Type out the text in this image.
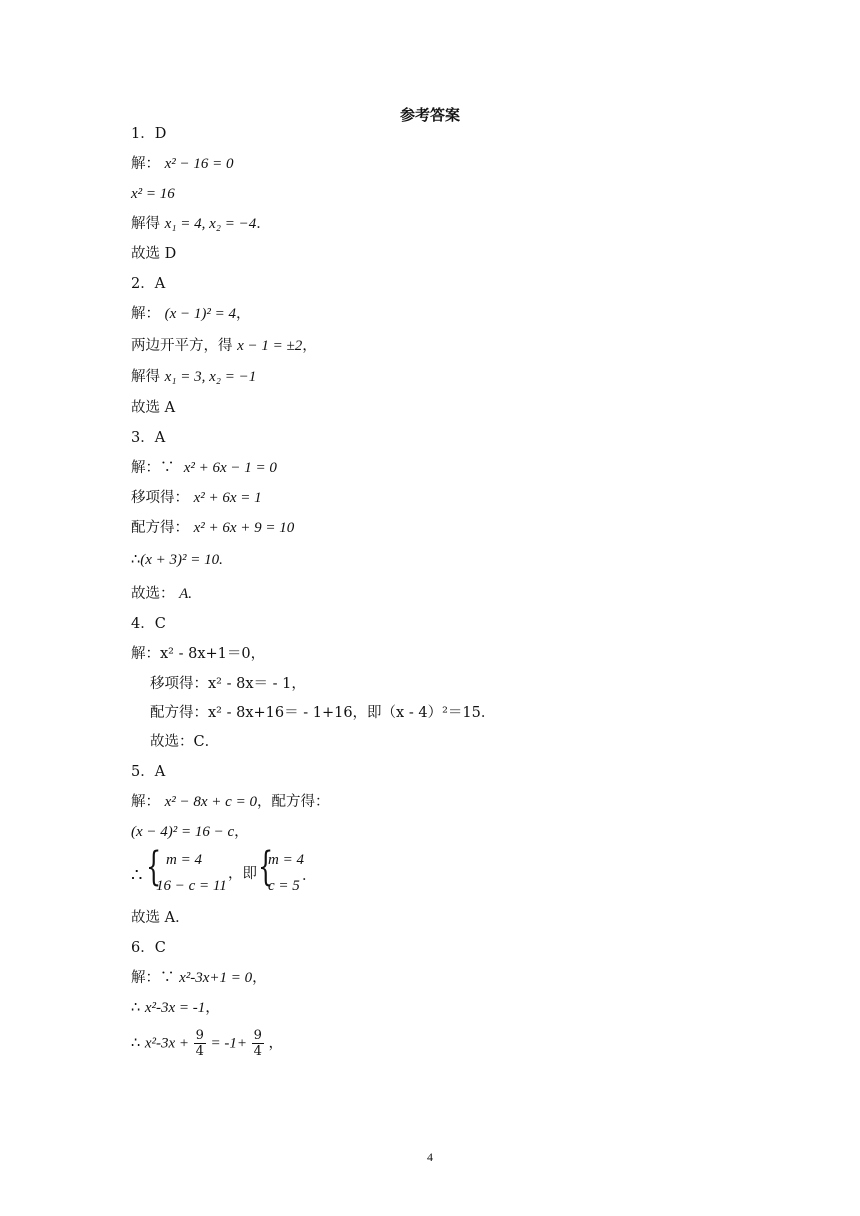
参考答案
1．D
解： x² − 16 = 0
x² = 16
解得 x₁ = 4, x₂ = −4．
故选 D
2．A
解： (x − 1)² = 4，
两边开平方，得 x − 1 = ±2，
解得 x₁ = 3, x₂ = −1
故选 A
3．A
解：∵ x² + 6x − 1 = 0
移项得： x² + 6x = 1
配方得： x² + 6x + 9 = 10
∴(x + 3)² = 10.
故选： A.
4．C
解：x² ‑ 8x+1＝0，
移项得：x² ‑ 8x＝ ‑ 1，
配方得：x² ‑ 8x+16＝ ‑ 1+16，即（x ‑ 4）²＝15．
故选：C．
5．A
解： x² − 8x + c = 0，配方得：
(x − 4)² = 16 − c，
∴ { m = 4
16 − c = 11
，即 {
m = 4
c = 5
．
故选 A．
6．C
解：∵ x²-3x+1 = 0，
∴ x²-3x = -1，
∴ $x^2-3x + \frac{9}{4} = -1+ \frac{9}{4}$ ，
4
